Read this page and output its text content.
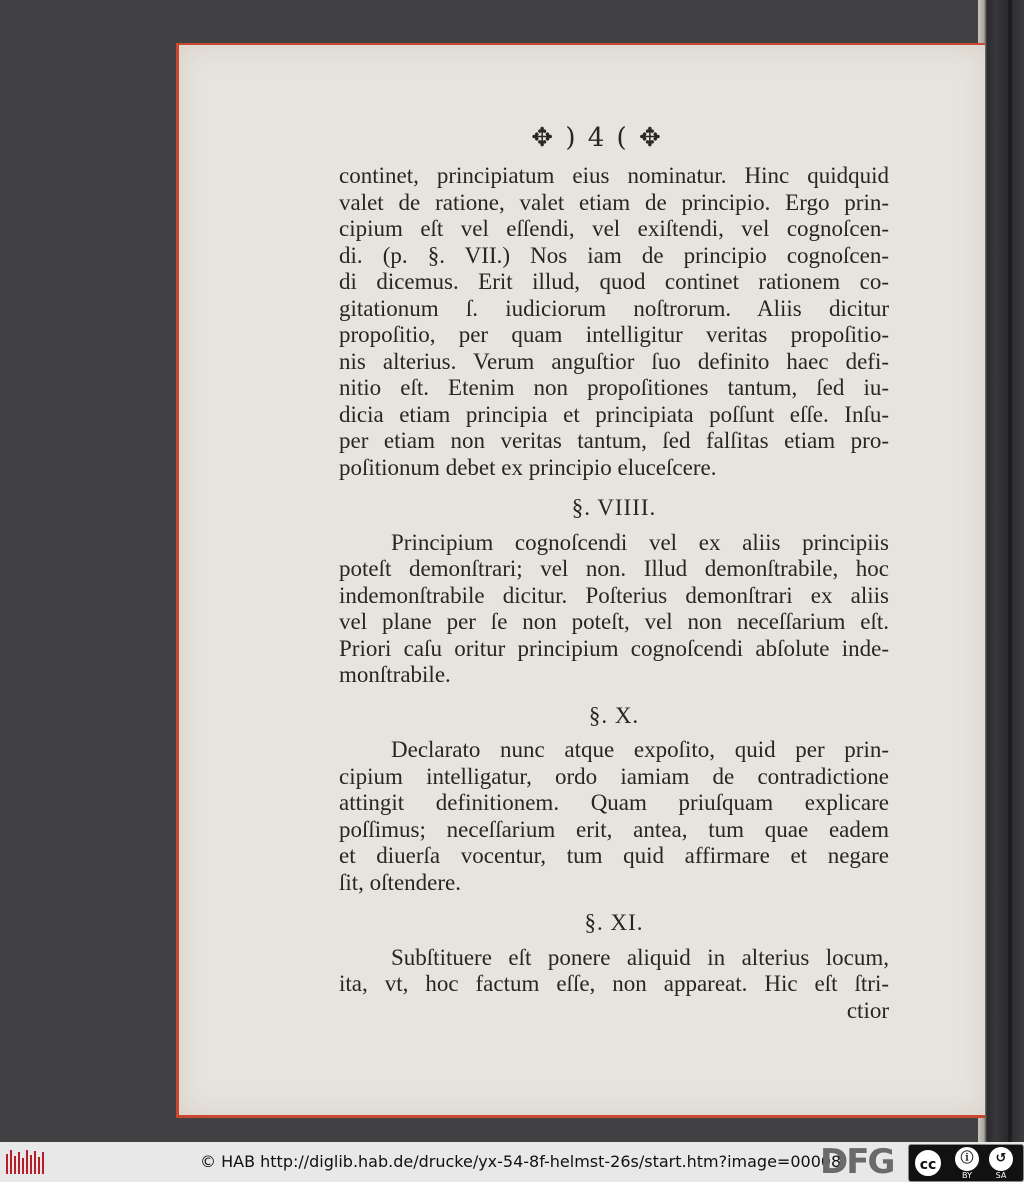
✥ ) 4 ( ✥
continet, principiatum eius nominatur. Hinc quidquid
valet de ratione, valet etiam de principio. Ergo prin-
cipium eſt vel eſſendi, vel exiſtendi, vel cognoſcen-
di. (p. §. VII.) Nos iam de principio cognoſcen-
di dicemus. Erit illud, quod continet rationem co-
gitationum ſ. iudiciorum noſtrorum. Aliis dicitur
propoſitio, per quam intelligitur veritas propoſitio-
nis alterius. Verum anguſtior ſuo definito haec defi-
nitio eſt. Etenim non propoſitiones tantum, ſed iu-
dicia etiam principia et principiata poſſunt eſſe. Inſu-
per etiam non veritas tantum, ſed falſitas etiam pro-
poſitionum debet ex principio eluceſcere.
§. VIIII.
Principium cognoſcendi vel ex aliis principiis
poteſt demonſtrari; vel non. Illud demonſtrabile, hoc
indemonſtrabile dicitur. Poſterius demonſtrari ex aliis
vel plane per ſe non poteſt, vel non neceſſarium eſt.
Priori caſu oritur principium cognoſcendi abſolute inde-
monſtrabile.
§. X.
Declarato nunc atque expoſito, quid per prin-
cipium intelligatur, ordo iamiam de contradictione
attingit definitionem. Quam priuſquam explicare
poſſimus; neceſſarium erit, antea, tum quae eadem
et diuerſa vocentur, tum quid affirmare et negare
ſit, oſtendere.
§. XI.
Subſtituere eſt ponere aliquid in alterius locum,
ita, vt, hoc factum eſſe, non appareat. Hic eſt ſtri-
ctior
© HAB http://diglib.hab.de/drucke/yx-54-8f-helmst-26s/start.htm?image=00008
DFG	cc	ⓘ
BY
↺
SA
